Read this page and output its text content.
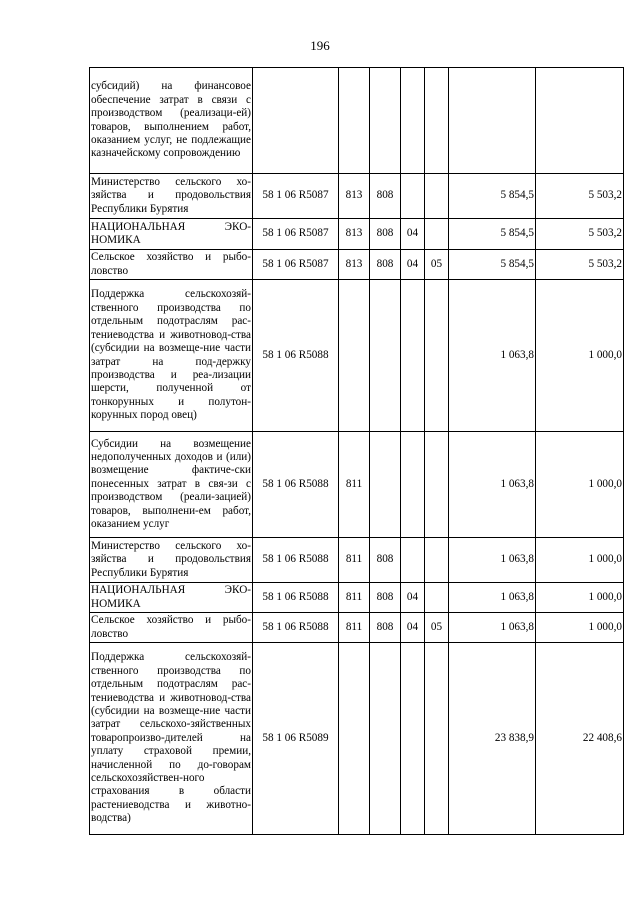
196
субсидий) на финансовое обеспечение затрат в связи с производством (реализаци-ей) товаров, выполнением работ, оказанием услуг, не подлежащие казначейскому сопровождению							
Министерство сельского хо-зяйства и продовольствия Республики Бурятия	58 1 06 R5087	813	808			5 854,5	5 503,2
НАЦИОНАЛЬНАЯ ЭКО-НОМИКА	58 1 06 R5087	813	808	04		5 854,5	5 503,2
Сельское хозяйство и рыбо-ловство	58 1 06 R5087	813	808	04	05	5 854,5	5 503,2
Поддержка сельскохозяй-ственного производства по отдельным подотраслям рас-тениеводства и животновод-ства (субсидии на возмеще-ние части затрат на под-держку производства и реа-лизации шерсти, полученной от тонкорунных и полутон-корунных пород овец)	58 1 06 R5088					1 063,8	1 000,0
Субсидии на возмещение недополученных доходов и (или) возмещение фактиче-ски понесенных затрат в свя-зи с производством (реали-зацией) товаров, выполнени-ем работ, оказанием услуг	58 1 06 R5088	811				1 063,8	1 000,0
Министерство сельского хо-зяйства и продовольствия Республики Бурятия	58 1 06 R5088	811	808			1 063,8	1 000,0
НАЦИОНАЛЬНАЯ ЭКО-НОМИКА	58 1 06 R5088	811	808	04		1 063,8	1 000,0
Сельское хозяйство и рыбо-ловство	58 1 06 R5088	811	808	04	05	1 063,8	1 000,0
Поддержка сельскохозяй-ственного производства по отдельным подотраслям рас-тениеводства и животновод-ства (субсидии на возмеще-ние части затрат сельскохо-зяйственных товаропроизво-дителей на уплату страховой премии, начисленной по до-говорам сельскохозяйствен-ного страхования в области растениеводства и животно-водства)	58 1 06 R5089					23 838,9	22 408,6
